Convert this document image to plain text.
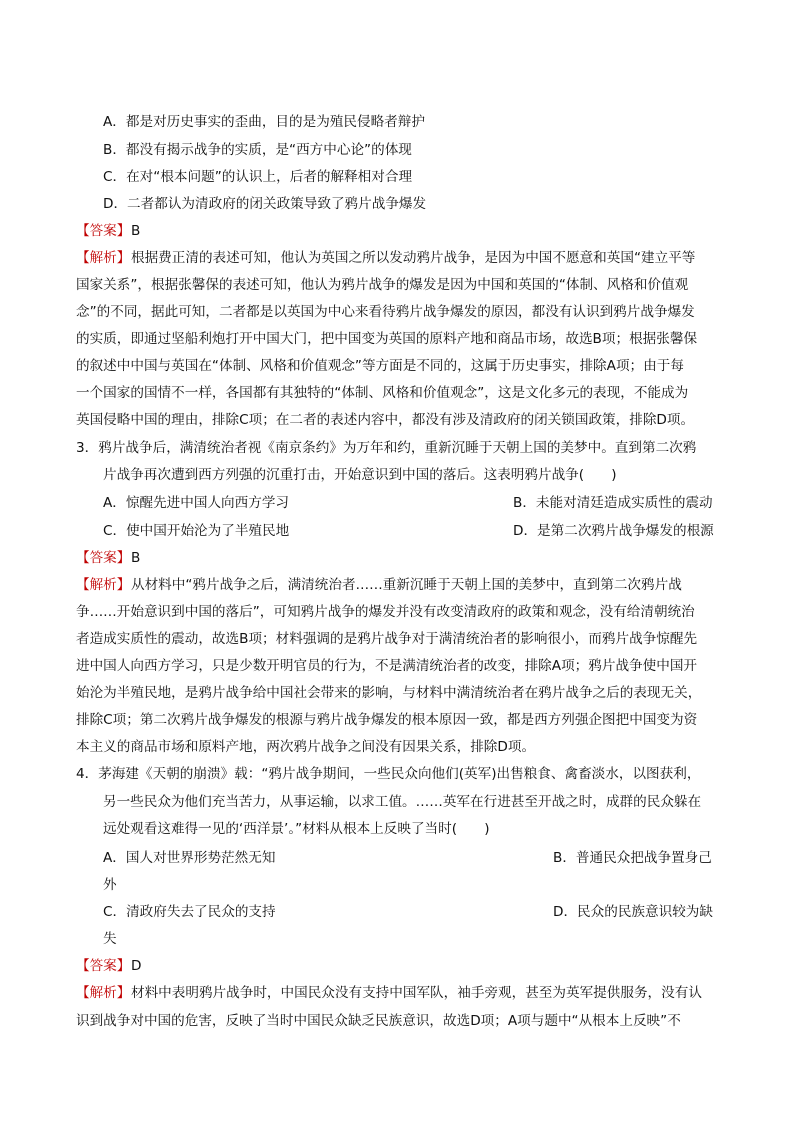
A．都是对历史事实的歪曲，目的是为殖民侵略者辩护
B．都没有揭示战争的实质，是“西方中心论”的体现
C．在对“根本问题”的认识上，后者的解释相对合理
D．二者都认为清政府的闭关政策导致了鸦片战争爆发
【答案】 B
【解析】 根据费正清的表述可知，他认为英国之所以发动鸦片战争，是因为中国不愿意和英国“建立平等
国家关系”，根据张馨保的表述可知，他认为鸦片战争的爆发是因为中国和英国的“体制、风格和价值观
念”的不同，据此可知，二者都是以英国为中心来看待鸦片战争爆发的原因，都没有认识到鸦片战争爆发
的实质，即通过坚船利炮打开中国大门，把中国变为英国的原料产地和商品市场，故选B项；根据张馨保
的叙述中中国与英国在“体制、风格和价值观念”等方面是不同的，这属于历史事实，排除A项；由于每
一个国家的国情不一样，各国都有其独特的“体制、风格和价值观念”，这是文化多元的表现，不能成为
英国侵略中国的理由，排除C项；在二者的表述内容中，都没有涉及清政府的闭关锁国政策，排除D项。
3．鸦片战争后，满清统治者视《南京条约》为万年和约，重新沉睡于天朝上国的美梦中。直到第二次鸦
片战争再次遭到西方列强的沉重打击，开始意识到中国的落后。这表明鸦片战争(　　)
A．惊醒先进中国人向西方学习	B．未能对清廷造成实质性的震动
C．使中国开始沦为了半殖民地	D．是第二次鸦片战争爆发的根源
【答案】 B
【解析】 从材料中“鸦片战争之后，满清统治者……重新沉睡于天朝上国的美梦中，直到第二次鸦片战
争……开始意识到中国的落后”，可知鸦片战争的爆发并没有改变清政府的政策和观念，没有给清朝统治
者造成实质性的震动，故选B项；材料强调的是鸦片战争对于满清统治者的影响很小，而鸦片战争惊醒先
进中国人向西方学习，只是少数开明官员的行为，不是满清统治者的改变，排除A项；鸦片战争使中国开
始沦为半殖民地，是鸦片战争给中国社会带来的影响，与材料中满清统治者在鸦片战争之后的表现无关，
排除C项；第二次鸦片战争爆发的根源与鸦片战争爆发的根本原因一致，都是西方列强企图把中国变为资
本主义的商品市场和原料产地，两次鸦片战争之间没有因果关系，排除D项。
4．茅海建《天朝的崩溃》载：“鸦片战争期间，一些民众向他们(英军)出售粮食、禽畜淡水，以图获利，
另一些民众为他们充当苦力，从事运输，以求工值。……英军在行进甚至开战之时，成群的民众躲在
远处观看这难得一见的‘西洋景’。”材料从根本上反映了当时(　　)
A．国人对世界形势茫然无知	B．普通民众把战争置身己
外
C．清政府失去了民众的支持	D．民众的民族意识较为缺
失
【答案】 D
【解析】 材料中表明鸦片战争时，中国民众没有支持中国军队，袖手旁观，甚至为英军提供服务，没有认
识到战争对中国的危害，反映了当时中国民众缺乏民族意识，故选D项；A项与题中“从根本上反映”不
